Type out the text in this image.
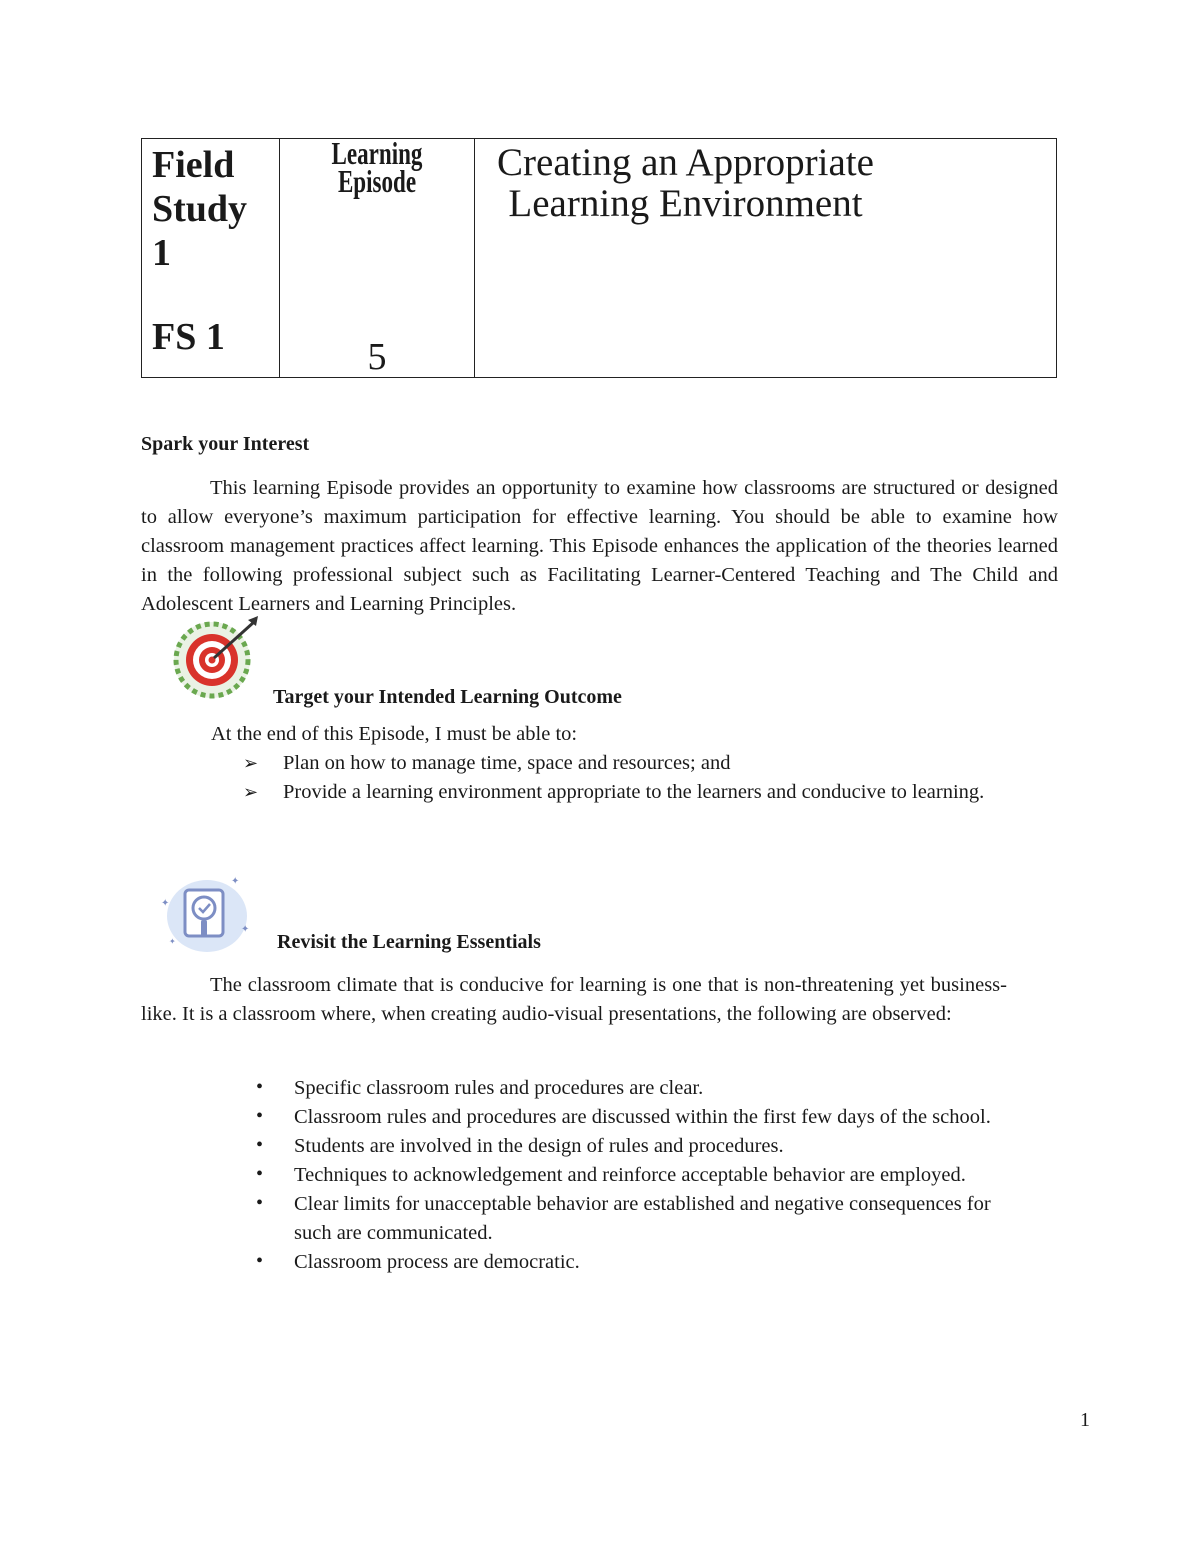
Field
Study
1

FS 1

Learning
Episode

5

Creating an Appropriate
Learning Environment
Spark your Interest

This learning Episode provides an opportunity to examine how classrooms are structured or designed to allow everyone’s maximum participation for effective learning. You should be able to examine how classroom management practices affect learning. This Episode enhances the application of the theories learned in the following professional subject such as Facilitating Learner-Centered Teaching and The Child and Adolescent Learners and Learning Principles.

Target your Intended Learning Outcome

At the end of this Episode, I must be able to:

➢ Plan on how to manage time, space and resources; and
➢ Provide a learning environment appropriate to the learners and conducive to learning.
✦
✦
✦
✦	Revisit the Learning Essentials

The classroom climate that is conducive for learning is one that is non-threatening yet business-like. It is a classroom where, when creating audio-visual presentations, the following are observed:

• Specific classroom rules and procedures are clear.
• Classroom rules and procedures are discussed within the first few days of the school.
• Students are involved in the design of rules and procedures.
• Techniques to acknowledgement and reinforce acceptable behavior are employed.
• Clear limits for unacceptable behavior are established and negative consequences for such are communicated.
• Classroom process are democratic.
1
